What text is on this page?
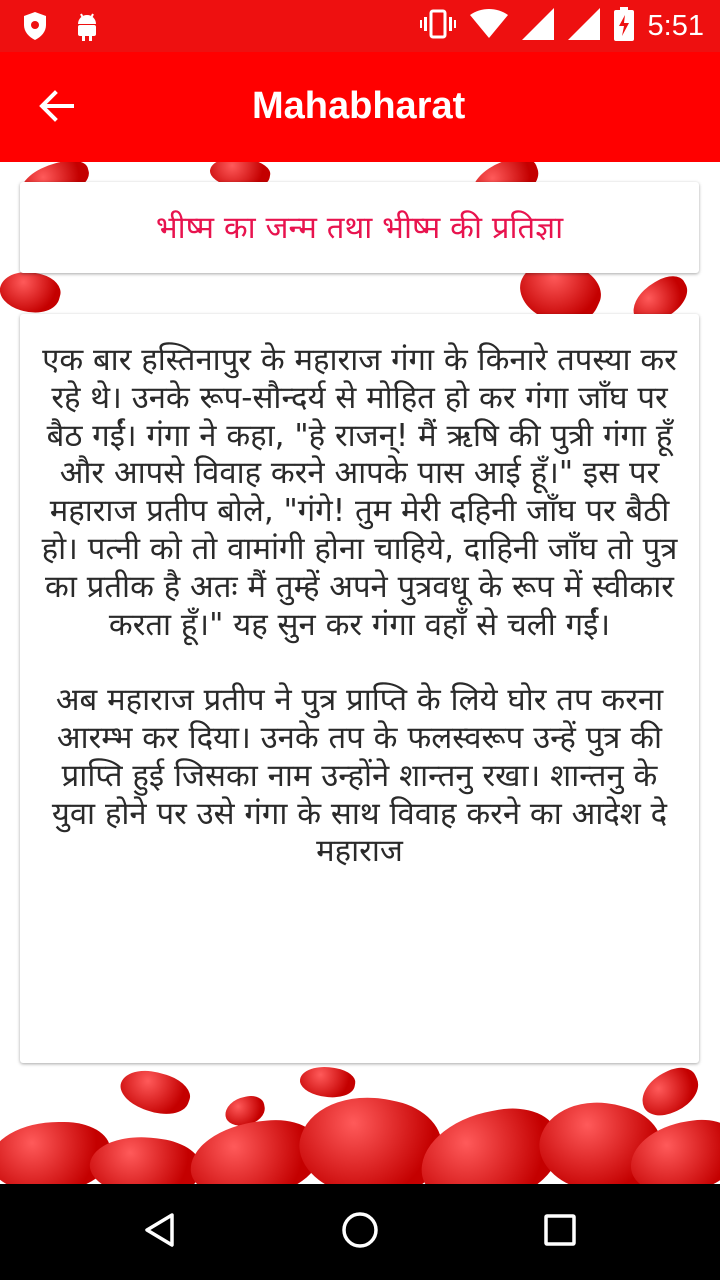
5:51
Mahabharat
भीष्म का जन्म तथा भीष्म की प्रतिज्ञा

एक बार हस्तिनापुर के महाराज गंगा के किनारे तपस्या कर रहे थे। उनके रूप-सौन्दर्य से मोहित हो कर गंगा जाँघ पर बैठ गईं। गंगा ने कहा, "हे राजन्! मैं ऋषि की पुत्री गंगा हूँ और आपसे विवाह करने आपके पास आई हूँ।" इस पर महाराज प्रतीप बोले, "गंगे! तुम मेरी दहिनी जाँघ पर बैठी हो। पत्नी को तो वामांगी होना चाहिये, दाहिनी जाँघ तो पुत्र का प्रतीक है अतः मैं तुम्हें अपने पुत्रवधू के रूप में स्वीकार करता हूँ।" यह सुन कर गंगा वहाँ से चली गईं।

अब महाराज प्रतीप ने पुत्र प्राप्ति के लिये घोर तप करना आरम्भ कर दिया। उनके तप के फलस्वरूप उन्हें पुत्र की प्राप्ति हुई जिसका नाम उन्होंने शान्तनु रखा। शान्तनु के युवा होने पर उसे गंगा के साथ विवाह करने का आदेश दे महाराज
